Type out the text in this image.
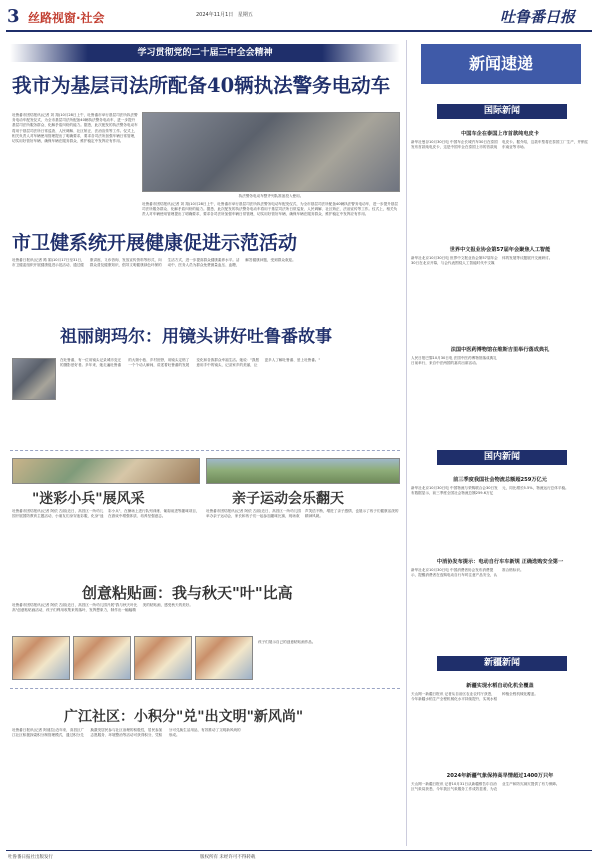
3 丝路视窗·社会	2024年11月1日 星期五	吐鲁番日报
学习贯彻党的二十届三中全会精神
我市为基层司法所配备40辆执法警务电动车
吐鲁番市团结报讯(记者 刘 翔)10月28日上午，吐鲁番市举行基层司法所执法警务电动车配发仪式，为全市基层司法所配备40辆执法警务电动车，进一步提升基层司法所服务群众、化解矛盾纠纷的能力。据悉，此次配发的执法警务电动车将用于基层司法所日常巡查、人民调解、社区矫正、法治宣传等工作。仪式上，相关负责人对车辆使用管理提出了明确要求，要求各司法所加强车辆日常管理，切实用好管好车辆，确保车辆在服务群众、维护稳定中发挥应有作用。
执法警务电动车整齐列队准备投入使用。
吐鲁番市团结报讯(记者 刘 翔)10月28日上午，吐鲁番市举行基层司法所执法警务电动车配发仪式，为全市基层司法所配备40辆执法警务电动车，进一步提升基层司法所服务群众、化解矛盾纠纷的能力。据悉，此次配发的执法警务电动车将用于基层司法所日常巡查、人民调解、社区矫正、法治宣传等工作。仪式上，相关负责人对车辆使用管理提出了明确要求，要求各司法所加强车辆日常管理，切实用好管好车辆，确保车辆在服务群众、维护稳定中发挥应有作用。
市卫健系统开展健康促进示范活动
吐鲁番日报讯(记者 路 娟)10月17日至31日，市卫健委组织开展健康促进示范活动，通过健康讲座、义诊咨询、发放宣传资料等形式，向群众普及健康知识，倡导文明健康绿色环保的生活方式，进一步提高群众健康素养水平。活动中，医务人员为群众免费测量血压、血糖，解答健康问题，受到群众欢迎。
祖丽朗玛尔：用镜头讲好吐鲁番故事
在吐鲁番，有一位用镜头记录城市变迁的摄影爱好者。多年来，她走遍吐鲁番的大街小巷、乡村田野，用镜头定格了一个个动人瞬间，讲述着吐鲁番的发展变化和各族群众幸福生活。她说："我愿意用手中的镜头，记录家乡的美丽，让更多人了解吐鲁番、爱上吐鲁番。"
"迷彩小兵"展风采
吐鲁番市团结报讯(记者 阿依 古丽)近日，高昌区一所幼儿园开展国防教育主题活动，小朋友们身穿迷彩服，化身"迷彩小兵"，在操场上进行队列训练、匍匐前进等趣味项目，在游戏中增强体质、培养坚强意志。
亲子运动会乐翻天
吐鲁番市团结报讯(记者 阿依 古丽)近日，高昌区一所幼儿园举办亲子运动会，家长和孩子们一起参加趣味比赛，现场欢声笑语不断，增进了亲子感情，也展示了孩子们健康活泼的精神风貌。
创意粘贴画：我与秋天"叶"比高
吐鲁番市团结报讯(记者 阿依 古丽)近日，高昌区一所幼儿园开展"我与秋天叶比高"创意粘贴画活动，孩子们利用收集来的落叶，发挥想象力，制作出一幅幅精美的粘贴画，感受秋天的美好。
孩子们展示自己的创意粘贴画作品。
广江社区：小积分"兑"出文明"新风尚"
吐鲁番日报讯(记者 阿迪拉)近年来，高昌区广江社区积极探索积分制管理模式，通过积分兑换激发居民参与社区治理的积极性，居民参加志愿服务、环境整治等活动可获得积分，凭积分可兑换生活用品，有效推动了文明新风尚的形成。
新闻速递
国际新闻
中国车企在泰国上市首款纯电皮卡
新华社曼谷10月30日电 中国车企长城汽车30日在泰国发布首款纯电皮卡，这是中国车企在泰国上市的首款纯电皮卡。据介绍，这款车型将在泰国工厂生产，并销往东南亚等市场。
世界中文报业协会第57届年会聚焦人工智能
新华社北京10月30日电 世界中文报业协会第57届年会30日在北京开幕，与会代表围绕人工智能时代中文媒体的发展等议题展开交流研讨。
法国中医药博物馆在维斯吉里举行落成典礼
人民日报巴黎10月30日电 法国中医药博物馆落成典礼日前举行，来自中法两国的嘉宾出席活动。
国内新闻
前三季度我国社会物流总额超259万亿元
新华社北京10月30日电 中国物流与采购联合会30日发布数据显示，前三季度全国社会物流总额259.6万亿元，同比增长5.5%，物流运行总体平稳。
中消协发布提示：电动自行车车新规 正确选购安全第一
新华社北京10月30日电 中国消费者协会发布消费提示，提醒消费者在选购电动自行车时注意产品安全，认准合格标识。
新疆新闻
新疆实现水稻自动化机全覆盖
天山网一新疆日报讯 记者从自治区农业农村厅获悉，今年新疆水稻生产全程机械化水平持续提升，实现水稻种植全程机械化覆盖。
2024年新疆气象保持高旱情超过1400万只年
天山网一新疆日报讯 记者10月31日从新疆维吾尔自治区气象局获悉，今年我区气象服务工作成效显著，为农业生产和防灾减灾提供了有力保障。
吐鲁番日报社出版发行	版权所有 未经许可不得转载
